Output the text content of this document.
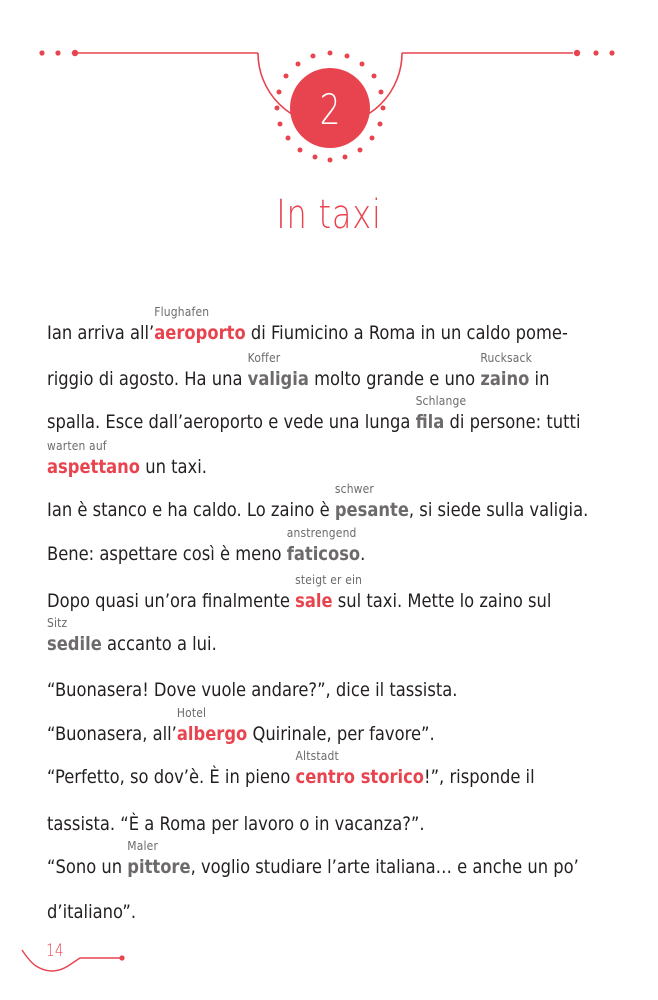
2
In taxi
Ian arriva all’
Flughafen
aeroporto di Fiumicino a Roma in un caldo pome-
riggio di agosto. Ha una
Koffer
valigia molto grande e uno
Rucksack
zaino in
spalla. Esce dall’aeroporto e vede una lunga
Schlange
fila di persone: tutti
warten auf
aspettano un taxi.
Ian è stanco e ha caldo. Lo zaino è
schwer
pesante, si siede sulla valigia.
Bene: aspettare così è meno
anstrengend
faticoso.
Dopo quasi un’ora finalmente
steigt er ein
sale sul taxi. Mette lo zaino sul
Sitz
sedile accanto a lui.
“Buonasera! Dove vuole andare?”, dice il tassista.
“Buonasera, all’
Hotel
albergo Quirinale, per favore”.
“Perfetto, so dov’è. È in pieno
Altstadt
centro storico!”, risponde il
tassista. “È a Roma per lavoro o in vacanza?”.
“Sono un
Maler
pittore, voglio studiare l’arte italiana… e anche un po’
d’italiano”.
14
